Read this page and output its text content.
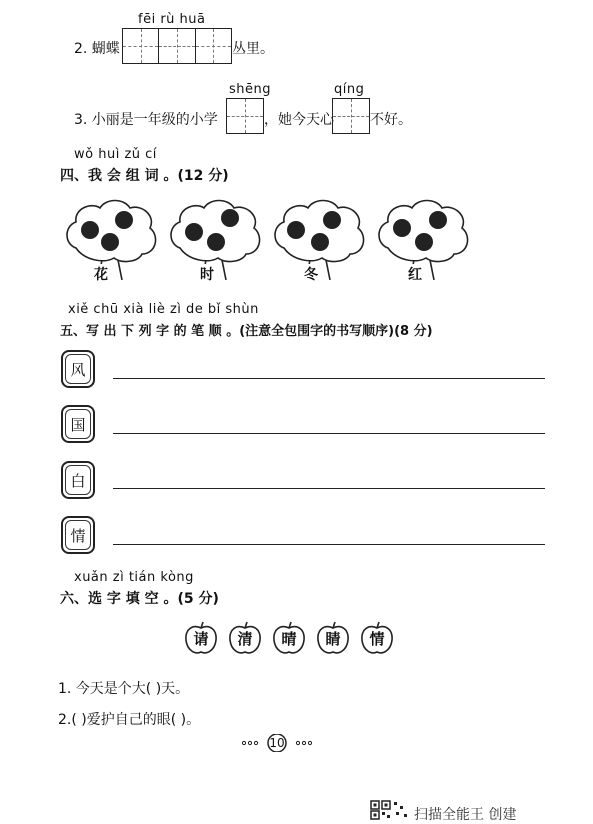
fēi rù huā
2. 蝴蝶	丛里。
shēng	qíng
3. 小丽是一年级的小学	，她今天心	不好。
wǒ huì zǔ cí
四、我 会 组 词 。(12 分)
花	时	冬	红
xiě chū xià liè zì de bǐ shùn
五、写 出 下 列 字 的 笔 顺 。(注意全包围字的书写顺序)(8 分)
风
国
白
情
xuǎn zì tián kòng
六、选 字 填 空 。(5 分)
请	清	晴	睛	情
1. 今天是个大( )天。
2.( )爱护自己的眼( )。
10
扫描全能王 创建
